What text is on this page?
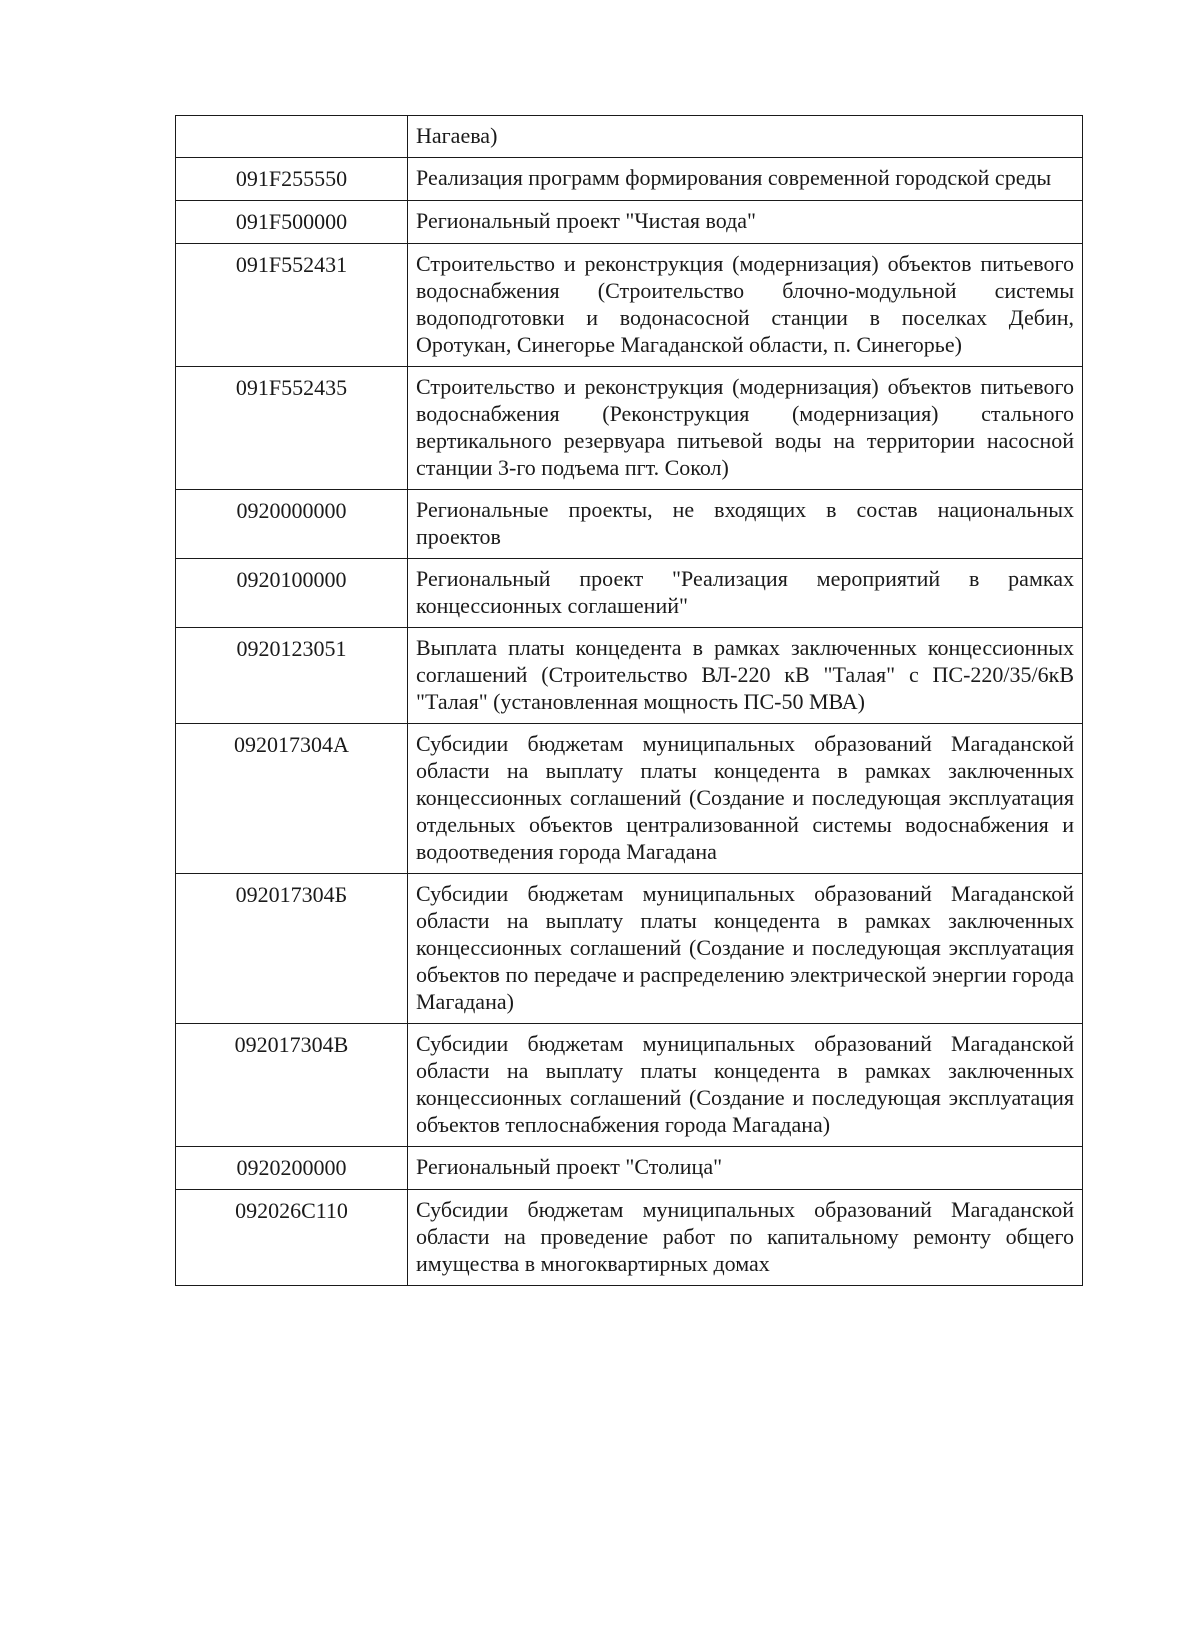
	Нагаева)
091F255550	Реализация программ формирования современной городской среды
091F500000	Региональный проект "Чистая вода"
091F552431	Строительство и реконструкция (модернизация) объектов питьевого водоснабжения (Строительство блочно-модульной системы водоподготовки и водонасосной станции в поселках Дебин, Оротукан, Синегорье Магаданской области, п. Синегорье)
091F552435	Строительство и реконструкция (модернизация) объектов питьевого водоснабжения (Реконструкция (модернизация) стального вертикального резервуара питьевой воды на территории насосной станции 3-го подъема пгт. Сокол)
0920000000	Региональные проекты, не входящих в состав национальных проектов
0920100000	Региональный проект "Реализация мероприятий в рамках концессионных соглашений"
0920123051	Выплата платы концедента в рамках заключенных концессионных соглашений (Строительство ВЛ-220 кВ "Талая" с ПС-220/35/6кВ "Талая" (установленная мощность ПС-50 МВА)
092017304А	Субсидии бюджетам муниципальных образований Магаданской области на выплату платы концедента в рамках заключенных концессионных соглашений (Создание и последующая эксплуатация отдельных объектов централизованной системы водоснабжения и водоотведения города Магадана
092017304Б	Субсидии бюджетам муниципальных образований Магаданской области на выплату платы концедента в рамках заключенных концессионных соглашений (Создание и последующая эксплуатация объектов по передаче и распределению электрической энергии города Магадана)
092017304В	Субсидии бюджетам муниципальных образований Магаданской области на выплату платы концедента в рамках заключенных концессионных соглашений (Создание и последующая эксплуатация объектов теплоснабжения города Магадана)
0920200000	Региональный проект "Столица"
092026С110	Субсидии бюджетам муниципальных образований Магаданской области на проведение работ по капитальному ремонту общего имущества в многоквартирных домах
